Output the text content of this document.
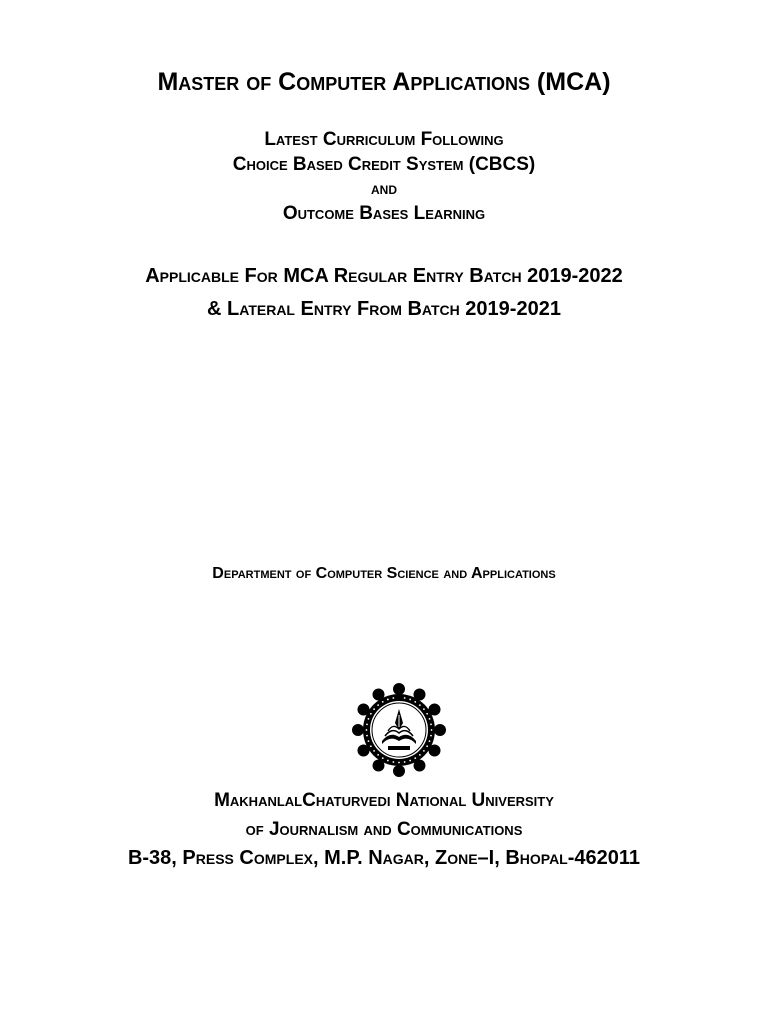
Master of Computer Applications (MCA)
Latest Curriculum Following
Choice Based Credit System (CBCS)
and
Outcome Bases Learning
Applicable For MCA Regular Entry Batch 2019-2022
& Lateral Entry From Batch 2019-2021
Department of Computer Science and Applications
MakhanlalChaturvedi National University
of Journalism and Communications
B-38, Press Complex, M.P. Nagar, Zone–I, Bhopal-462011
